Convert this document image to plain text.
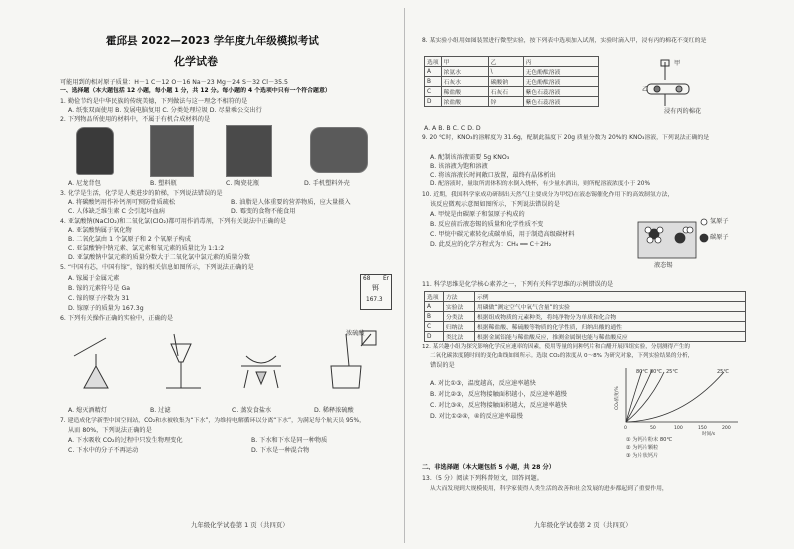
霍邱县 2022—2023 学年度九年级模拟考试
化学试卷
可能用到的相对原子质量：H－1 C－12 O－16 Na－23 Mg－24 S－32 Cl－35.5
一、选择题（本大题包括 12 小题，每小题 1 分，共 12 分。每小题的 4 个选项中只有一个符合题意）
1. 勤俭节约是中华民族的传统美德，下列做法与这一理念不相符的是
A. 纸张双面使用 B. 发展电脑复用 C. 分类处理垃圾 D. 尽量乘公交出行
2. 下列物品所使用的材料中，不属于有机合成材料的是
A. 尼龙背包	B. 塑料瓶	C. 陶瓷花瓶	D. 手机塑料外壳
3. 化学是生活，化学是人类进步的阶梯，下列说法错误的是
A. 将碳酸钙用作补钙剂可预防骨质疏松	B. 油脂是人体重要的营养物质，应大量摄入
C. 人体缺乏维生素 C 会引起坏血病	D. 霉变的食物不能食用
4. 亚氯酸钠(NaClO₂)和二氧化氯(ClO₂)都可用作消毒剂，下列有关说法中正确的是
A. 亚氯酸钠属于氧化物
B. 二氧化氯由 1 个氯原子和 2 个氧原子构成
C. 亚氯酸钠中钠元素、氯元素和氧元素的质量比为 1:1:2
D. 亚氯酸钠中氯元素的质量分数大于二氧化氯中氯元素的质量分数
5. “中国有芯，中国有镓”，镓的相关信息如图所示，下列说法正确的是
A. 镓属于金属元素
B. 镓的元素符号是 Ga
C. 镓的原子序数为 31
D. 镓原子的质量为 167.3g
68 Er
铒
167.3
6. 下列有关操作正确的实验中，正确的是
浓硫酸
A. 熄灭酒精灯	B. 过滤	C. 蒸发食盐水	D. 稀释浓硫酸
7. 建造成化学新型中国空间站，CO₂和水被收集为“下水”，为维持电解循环以分离“下水”，为满足每个航天员 95%，
从而 80%，下列说法正确的是
A. 下水吸收 CO₂的过程中只发生物理变化	B. 下水和下水是同一种物质
C. 下水中的分子不再运动	D. 下水是一种混合物
九年级化学试卷第 1 页（共四页）
8. 某实验小组用如图装置进行微型实验，按下列表中选项加入试剂，实验时滴入甲，浸有丙的棉花不变红的是
选项	甲	乙	丙
A	浓氨水	\	无色酚酞溶液
B	石灰水	碳酸钠	无色酚酞溶液
C	稀盐酸	石灰石	紫色石蕊溶液
D	浓盐酸	锌	紫色石蕊溶液
甲
乙
浸有丙的棉花
A. A B. B C. C D. D
9. 20 ℃时，KNO₃的溶解度为 31.6g，配制此温度下 20g 质量分数为 20%的 KNO₃溶液，下列说法正确的是
A. 配制该溶液需要 5g KNO₃
B. 该溶液为饱和溶液
C. 将该溶液长时间敞口放置，最终有晶体析出
D. 配溶液时，量取所需体积的水倒入烧杯，有少量水洒出，则所配溶液浓度小于 20%
10. 近期，我国科学家成功研制出天然气(主要成分为甲烷)在液态锡催化作用下的高效制氢方法，
该反应微观示意图如图所示，下列说法错误的是
A. 甲烷是由碳原子和氢原子构成的
B. 反应前后液态锡的质量和化学性质不变
C. 甲烷中碳元素转化成碳单质，用于制造高级碳材料
D. 此反应的化学方程式为：CH₄ ══ C＋2H₂
氢原子
碳原子
液态锡
11. 科学思维是化学核心素养之一，下列有关科学思维的示例错误的是
选项	方法	示例
A	实验法	用磷做“测定空气中氧气含量”的实验
B	分类法	根据组成物质的元素种类，将纯净物分为单质和化合物
C	归纳法	根据稀盐酸、稀硫酸等物质的化学性质，归纳出酸的通性
D	类比法	根据金属铝能与稀盐酸反应，推测金属铜也能与稀盐酸反应
12. 某兴趣小组为探究影响化学反应速率的因素，使用等量的同种钙片和白醋开展四组实验，分别测得产生的
二氧化碳浓度随时间的变化曲线如图所示。选取 CO₂的浓度从 0～8% 为研究对象，下列实验结果的分析，
错误的是
A. 对比①③，温度越高，反应速率越快
B. 对比②③，反应物接触面积越小，反应速率越慢
C. 对比③④，反应物接触面积越大，反应速率越快
D. 对比①②④，④的反应速率最慢
80℃ 80℃ 25℃	25℃
CO₂浓度/%
0	50	100	150	200
时间/s
① 为钙片粉末 80℃
② 为钙片颗粒
③ 为片状钙片
二、非选择题（本大题包括 5 小题，共 28 分）
13.（5 分）阅读下列科普短文，回答问题。
从大而发现到大规模使用，科学家使得人类生活的改善和社会发展的进步都起到了重要作用，
九年级化学试卷第 2 页（共四页）
